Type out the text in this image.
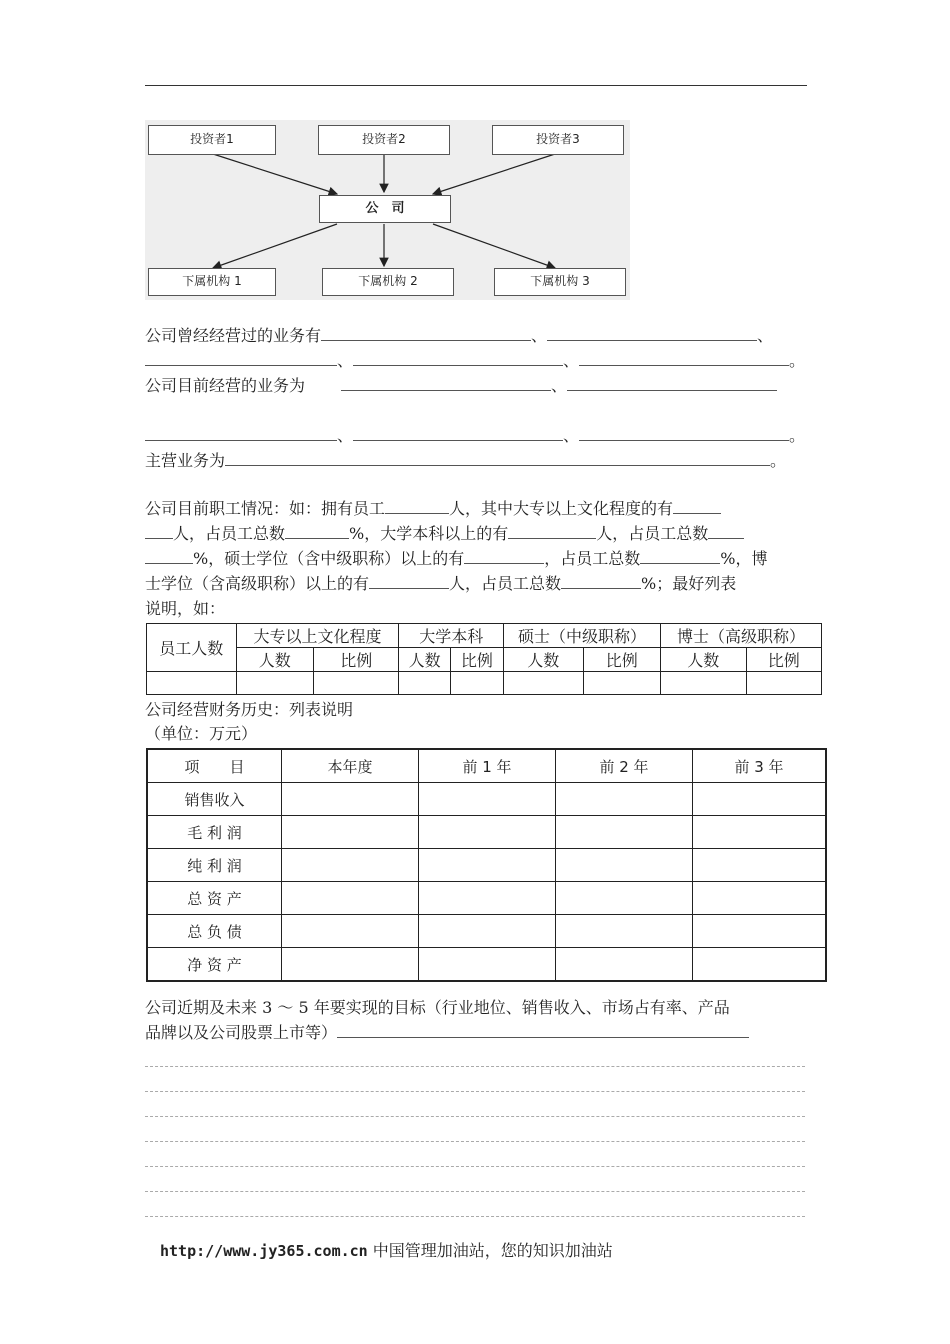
投资者1	投资者2	投资者3
公　司
下属机构 1	下属机构 2	下属机构 3
公司曾经经营过的业务有	、	、
、	、	。
公司目前经营的业务为	、
、	、	。
主营业务为	。
公司目前职工情况：如：拥有员工	人，其中大专以上文化程度的有
人，占员工总数	%，大学本科以上的有	人，占员工总数
%，硕士学位（含中级职称）以上的有	，占员工总数	%，博
士学位（含高级职称）以上的有	人，占员工总数	%；最好列表
说明，如：
员工人数	大专以上文化程度		大学本科		硕士（中级职称）		博士（高级职称）	
	人数	比例	人数	比例	人数	比例	人数	比例

公司经营财务历史：列表说明
（单位：万元）
项　　目	本年度	前 1 年	前 2 年	前 3 年
销售收入				
毛 利 润				
纯 利 润				
总 资 产				
总 负 债				
净 资 产				
公司近期及未来 3 ～ 5 年要实现的目标（行业地位、销售收入、市场占有率、产品
品牌以及公司股票上市等）
http://www.jy365.com.cn 中国管理加油站，您的知识加油站
